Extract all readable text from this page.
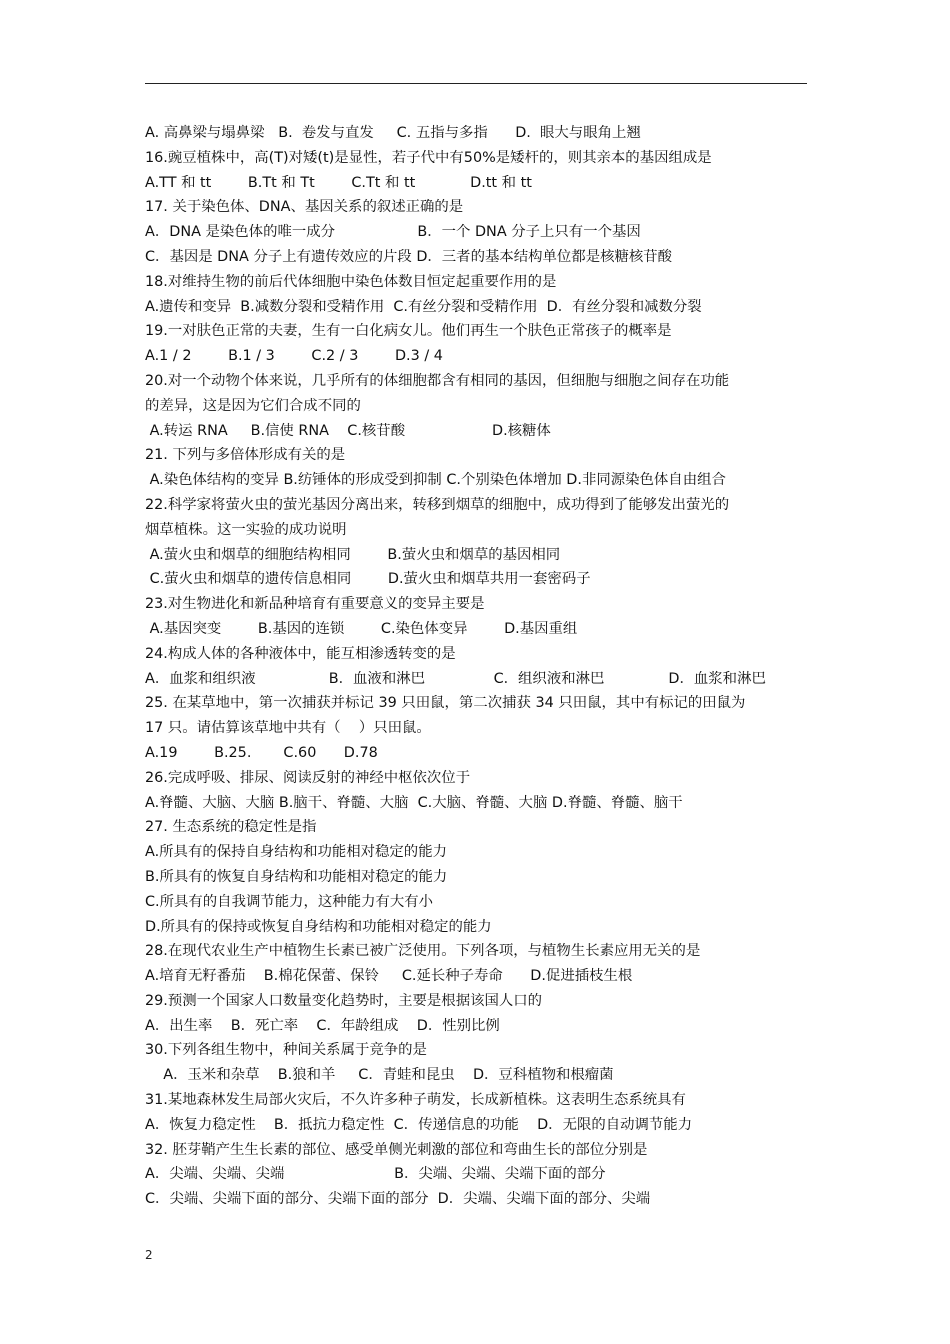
A. 高鼻梁与塌鼻梁   B.  卷发与直发     C. 五指与多指      D.  眼大与眼角上翘
16.豌豆植株中，高(T)对矮(t)是显性，若子代中有50%是矮杆的，则其亲本的基因组成是
A.TT 和 tt        B.Tt 和 Tt        C.Tt 和 tt            D.tt 和 tt
17. 关于染色体、DNA、基因关系的叙述正确的是
A．DNA 是染色体的唯一成分                  B．一个 DNA 分子上只有一个基因
C．基因是 DNA 分子上有遗传效应的片段 D．三者的基本结构单位都是核糖核苷酸
18.对维持生物的前后代体细胞中染色体数目恒定起重要作用的是
A.遗传和变异  B.减数分裂和受精作用  C.有丝分裂和受精作用  D．有丝分裂和减数分裂
19.一对肤色正常的夫妻，生有一白化病女儿。他们再生一个肤色正常孩子的概率是
A.1 / 2        B.1 / 3        C.2 / 3        D.3 / 4
20.对一个动物个体来说，几乎所有的体细胞都含有相同的基因，但细胞与细胞之间存在功能
的差异，这是因为它们合成不同的
A.转运 RNA     B.信使 RNA    C.核苷酸                   D.核糖体
21. 下列与多倍体形成有关的是
A.染色体结构的变异 B.纺锤体的形成受到抑制 C.个别染色体增加 D.非同源染色体自由组合
22.科学家将萤火虫的萤光基因分离出来，转移到烟草的细胞中，成功得到了能够发出萤光的
烟草植株。这一实验的成功说明
A.萤火虫和烟草的细胞结构相同        B.萤火虫和烟草的基因相同
C.萤火虫和烟草的遗传信息相同        D.萤火虫和烟草共用一套密码子
23.对生物进化和新品种培育有重要意义的变异主要是
A.基因突变        B.基因的连锁        C.染色体变异        D.基因重组
24.构成人体的各种液体中，能互相渗透转变的是
A．血浆和组织液                B．血液和淋巴               C．组织液和淋巴              D．血浆和淋巴
25. 在某草地中，第一次捕获并标记 39 只田鼠，第二次捕获 34 只田鼠，其中有标记的田鼠为
17 只。请估算该草地中共有（    ）只田鼠。
A.19        B.25.       C.60      D.78
26.完成呼吸、排尿、阅读反射的神经中枢依次位于
A.脊髓、大脑、大脑 B.脑干、脊髓、大脑  C.大脑、脊髓、大脑 D.脊髓、脊髓、脑干
27. 生态系统的稳定性是指
A.所具有的保持自身结构和功能相对稳定的能力
B.所具有的恢复自身结构和功能相对稳定的能力
C.所具有的自我调节能力，这种能力有大有小
D.所具有的保持或恢复自身结构和功能相对稳定的能力
28.在现代农业生产中植物生长素已被广泛使用。下列各项，与植物生长素应用无关的是
A.培育无籽番茄    B.棉花保蕾、保铃     C.延长种子寿命      D.促进插枝生根
29.预测一个国家人口数量变化趋势时，主要是根据该国人口的
A．出生率    B．死亡率    C．年龄组成    D．性别比例
30.下列各组生物中，种间关系属于竞争的是
A．玉米和杂草    B.狼和羊     C．青蛙和昆虫    D．豆科植物和根瘤菌
31.某地森林发生局部火灾后，不久许多种子萌发，长成新植株。这表明生态系统具有
A．恢复力稳定性    B．抵抗力稳定性  C．传递信息的功能    D．无限的自动调节能力
32. 胚芽鞘产生生长素的部位、感受单侧光刺激的部位和弯曲生长的部位分别是
A．尖端、尖端、尖端                        B．尖端、尖端、尖端下面的部分
C．尖端、尖端下面的部分、尖端下面的部分  D．尖端、尖端下面的部分、尖端
2
